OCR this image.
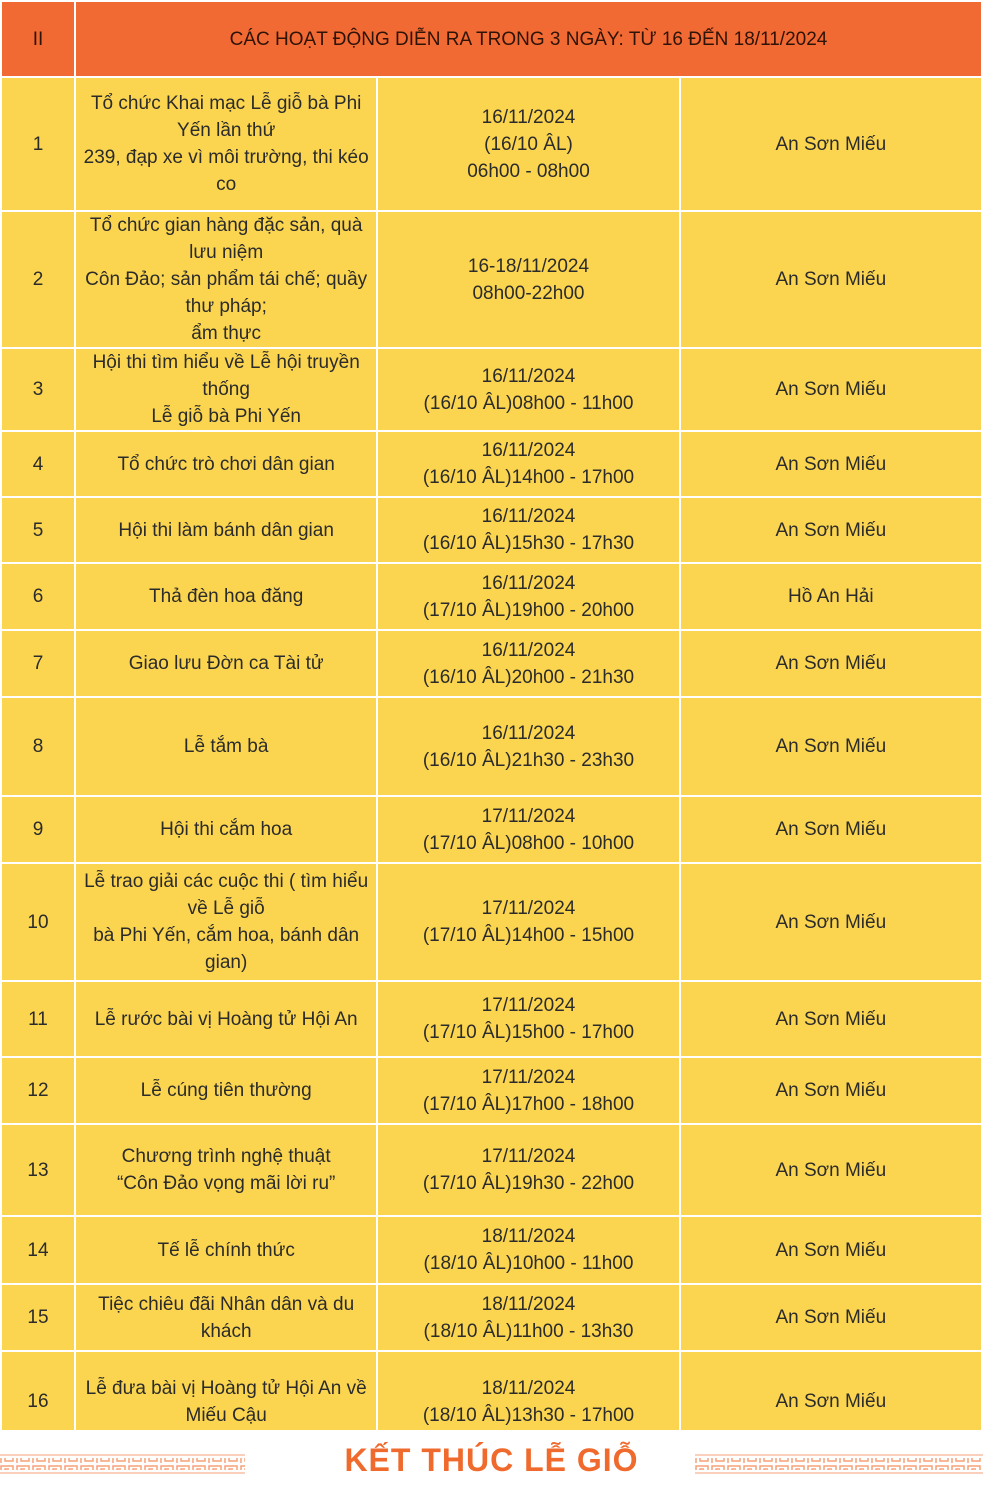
II	CÁC HOẠT ĐỘNG DIỄN RA TRONG 3 NGÀY: TỪ 16 ĐẾN 18/11/2024		
1	Tổ chức Khai mạc Lễ giỗ bà Phi Yến lần thứ
239, đạp xe vì môi trường, thi kéo co	16/11/2024
(16/10 ÂL)
06h00 - 08h00	An Sơn Miếu
2	Tổ chức gian hàng đặc sản, quà lưu niệm
Côn Đảo; sản phẩm tái chế; quầy thư pháp;
ẩm thực	16-18/11/2024
08h00-22h00	An Sơn Miếu
3	Hội thi tìm hiểu về Lễ hội truyền thống
Lễ giỗ bà Phi Yến	16/11/2024
(16/10 ÂL)08h00 - 11h00	An Sơn Miếu
4	Tổ chức trò chơi dân gian	16/11/2024
(16/10 ÂL)14h00 - 17h00	An Sơn Miếu
5	Hội thi làm bánh dân gian	16/11/2024
(16/10 ÂL)15h30 - 17h30	An Sơn Miếu
6	Thả đèn hoa đăng	16/11/2024
(17/10 ÂL)19h00 - 20h00	Hồ An Hải
7	Giao lưu Đờn ca Tài tử	16/11/2024
(16/10 ÂL)20h00 - 21h30	An Sơn Miếu
8	Lễ tắm bà	16/11/2024
(16/10 ÂL)21h30 - 23h30	An Sơn Miếu
9	Hội thi cắm hoa	17/11/2024
(17/10 ÂL)08h00 - 10h00	An Sơn Miếu
10	Lễ trao giải các cuộc thi ( tìm hiểu về Lễ giỗ
bà Phi Yến, cắm hoa, bánh dân gian)	17/11/2024
(17/10 ÂL)14h00 - 15h00	An Sơn Miếu
11	Lễ rước bài vị Hoàng tử Hội An	17/11/2024
(17/10 ÂL)15h00 - 17h00	An Sơn Miếu
12	Lễ cúng tiên thường	17/11/2024
(17/10 ÂL)17h00 - 18h00	An Sơn Miếu
13	Chương trình nghệ thuật
“Côn Đảo vọng mãi lời ru”	17/11/2024
(17/10 ÂL)19h30 - 22h00	An Sơn Miếu
14	Tế lễ chính thức	18/11/2024
(18/10 ÂL)10h00 - 11h00	An Sơn Miếu
15	Tiệc chiêu đãi Nhân dân và du khách	18/11/2024
(18/10 ÂL)11h00 - 13h30	An Sơn Miếu
16	Lễ đưa bài vị Hoàng tử Hội An về
Miếu Cậu	18/11/2024
(18/10 ÂL)13h30 - 17h00	An Sơn Miếu
KẾT THÚC LỄ GIỖ
